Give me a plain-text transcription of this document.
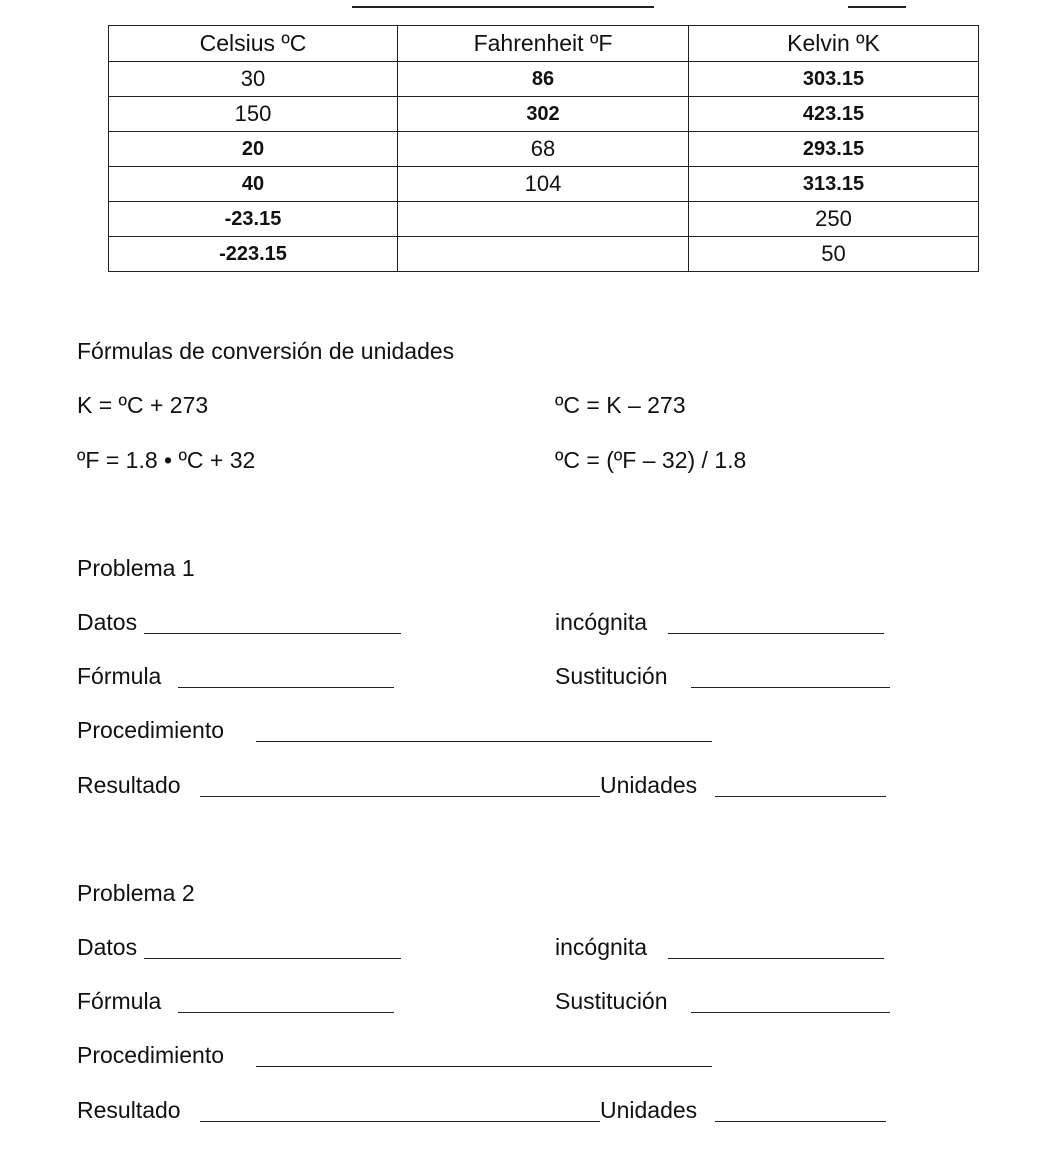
Celsius ºC	Fahrenheit ºF	Kelvin ºK
30	86	303.15
150	302	423.15
20	68	293.15
40	104	313.15
-23.15		250
-223.15		50
Fórmulas de conversión de unidades
K = ºC + 273	ºC = K – 273
ºF = 1.8 • ºC + 32	ºC = (ºF – 32) / 1.8
Problema 1
Datos	incógnita
Fórmula	Sustitución
Procedimiento
Resultado	Unidades
Problema 2
Datos	incógnita
Fórmula	Sustitución
Procedimiento
Resultado	Unidades
